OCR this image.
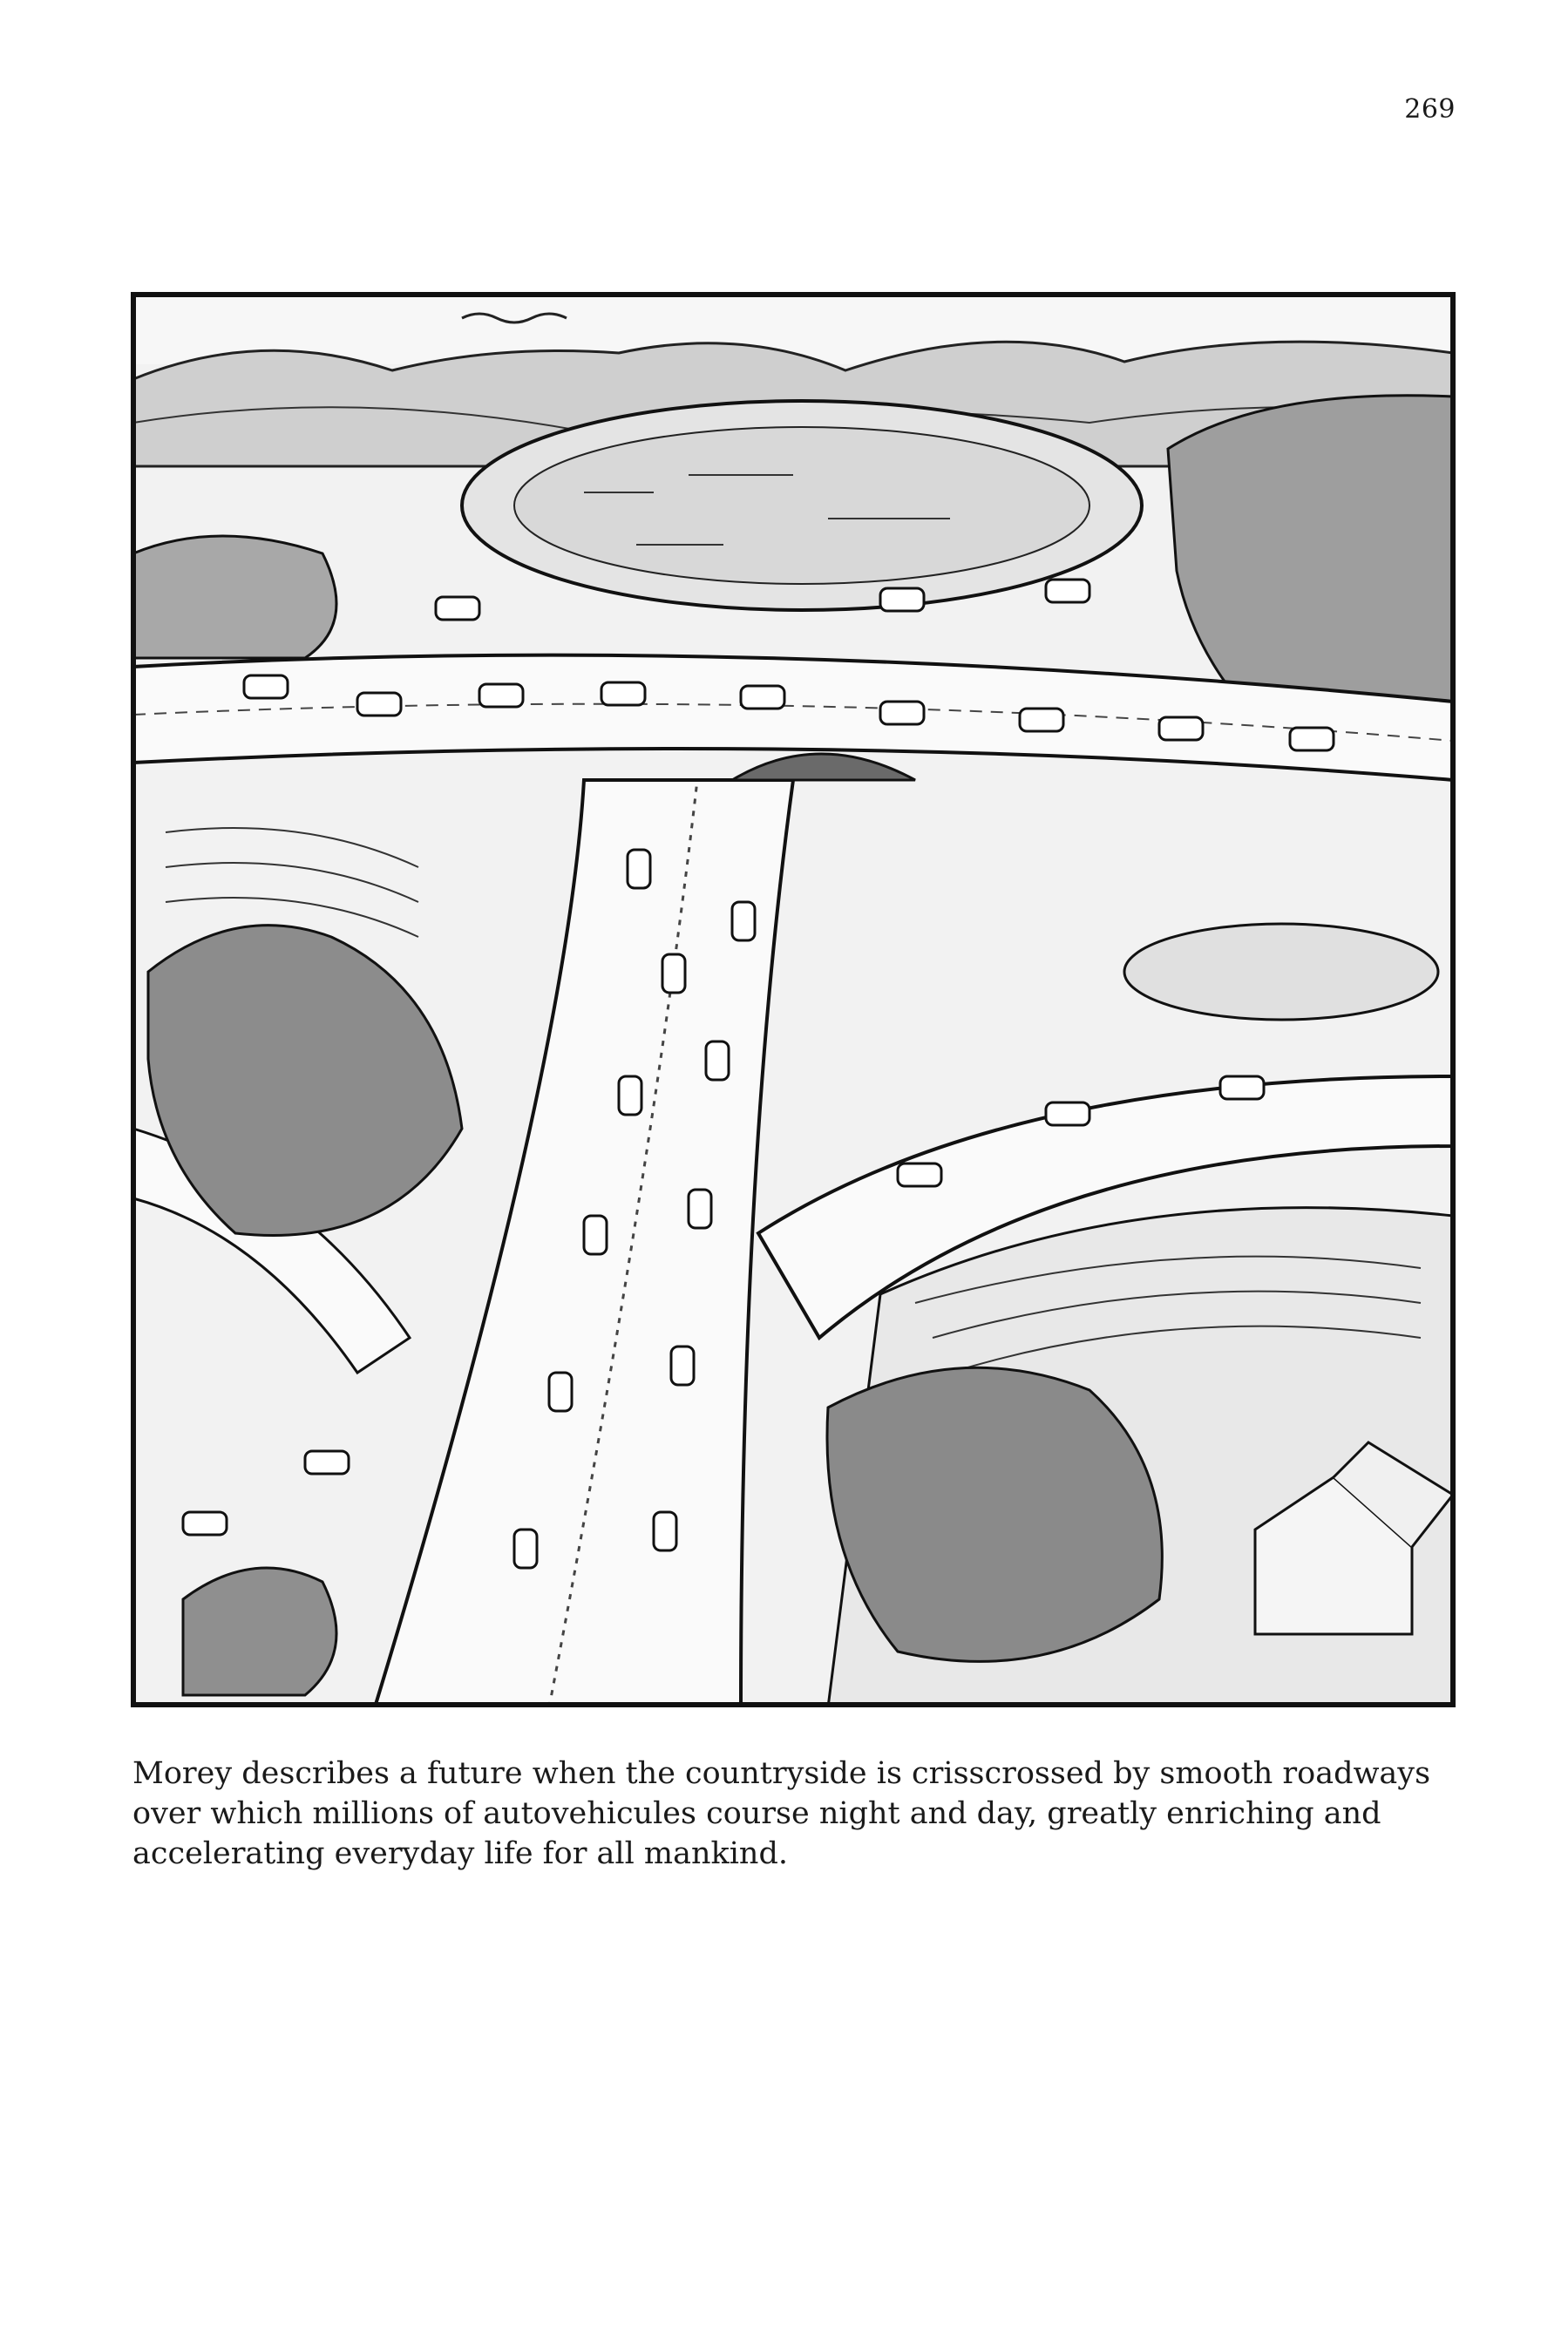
269

Morey describes a future when the countryside is crisscrossed by smooth roadways over which millions of autovehicules course night and day, greatly enriching and accelerating everyday life for all mankind.
